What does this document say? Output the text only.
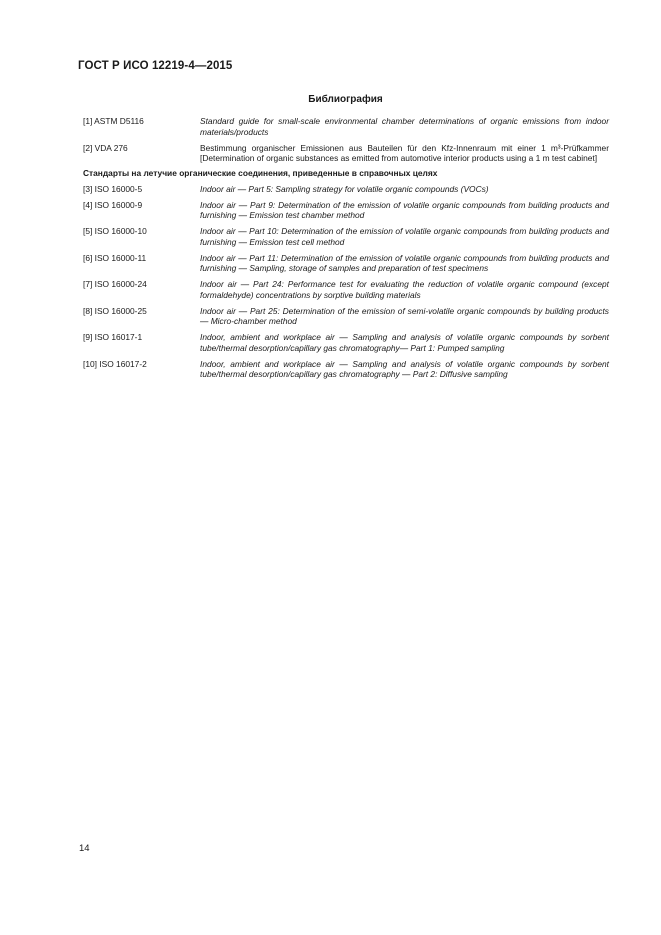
ГОСТ Р ИСО 12219-4—2015
Библиография
[1] ASTM D5116	Standard guide for small-scale environmental chamber determinations of organic emissions from indoor materials/products
[2] VDA 276	Bestimmung organischer Emissionen aus Bauteilen für den Kfz-Innenraum mit einer 1 m³-Prüfkammer [Determination of organic substances as emitted from automotive interior products using a 1 m test cabinet]
Стандарты на летучие органические соединения, приведенные в справочных целях
[3] ISO 16000-5	Indoor air — Part 5: Sampling strategy for volatile organic compounds (VOCs)
[4] ISO 16000-9	Indoor air — Part 9: Determination of the emission of volatile organic compounds from building products and furnishing — Emission test chamber method
[5] ISO 16000-10	Indoor air — Part 10: Determination of the emission of volatile organic compounds from building products and furnishing — Emission test cell method
[6] ISO 16000-11	Indoor air — Part 11: Determination of the emission of volatile organic compounds from building products and furnishing — Sampling, storage of samples and preparation of test specimens
[7] ISO 16000-24	Indoor air — Part 24: Performance test for evaluating the reduction of volatile organic compound (except formaldehyde) concentrations by sorptive building materials
[8] ISO 16000-25	Indoor air — Part 25: Determination of the emission of semi-volatile organic compounds by building products — Micro-chamber method
[9] ISO 16017-1	Indoor, ambient and workplace air — Sampling and analysis of volatile organic compounds by sorbent tube/thermal desorption/capillary gas chromatography— Part 1: Pumped sampling
[10] ISO 16017-2	Indoor, ambient and workplace air — Sampling and analysis of volatile organic compounds by sorbent tube/thermal desorption/capillary gas chromatography — Part 2: Diffusive sampling
14
